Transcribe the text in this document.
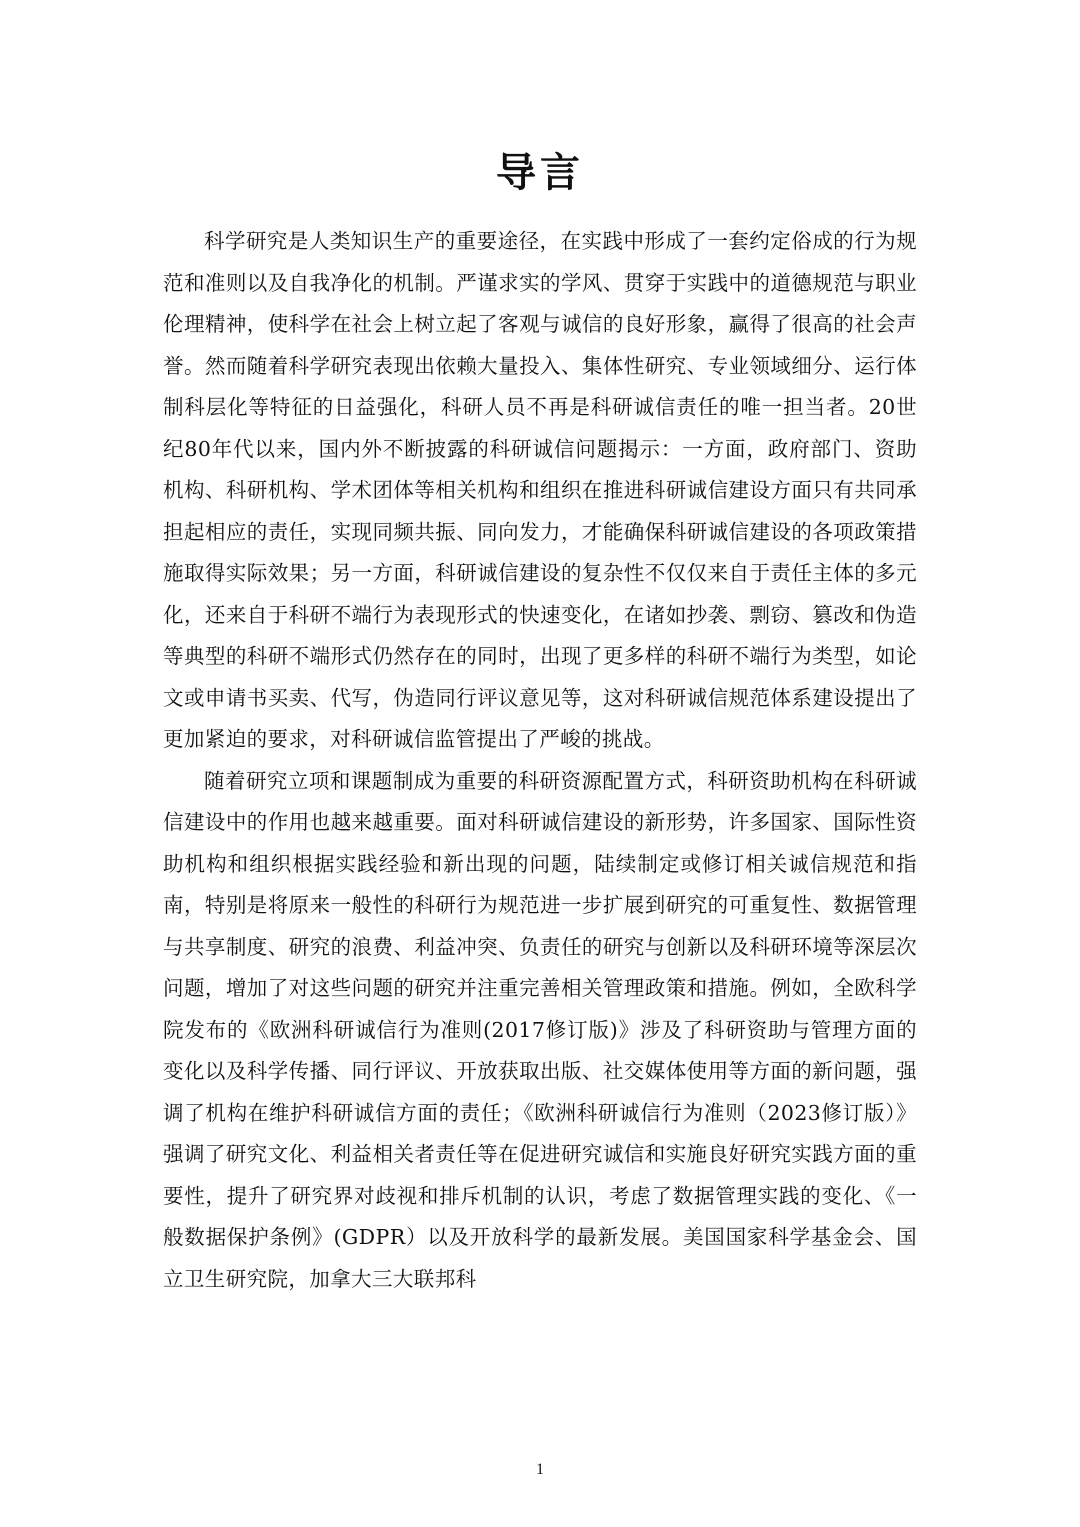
导言

科学研究是人类知识生产的重要途径，在实践中形成了一套约定俗成的行为规范和准则以及自我净化的机制。严谨求实的学风、贯穿于实践中的道德规范与职业伦理精神，使科学在社会上树立起了客观与诚信的良好形象，赢得了很高的社会声誉。然而随着科学研究表现出依赖大量投入、集体性研究、专业领域细分、运行体制科层化等特征的日益强化，科研人员不再是科研诚信责任的唯一担当者。20世纪80年代以来，国内外不断披露的科研诚信问题揭示：一方面，政府部门、资助机构、科研机构、学术团体等相关机构和组织在推进科研诚信建设方面只有共同承担起相应的责任，实现同频共振、同向发力，才能确保科研诚信建设的各项政策措施取得实际效果；另一方面，科研诚信建设的复杂性不仅仅来自于责任主体的多元化，还来自于科研不端行为表现形式的快速变化，在诸如抄袭、剽窃、篡改和伪造等典型的科研不端形式仍然存在的同时，出现了更多样的科研不端行为类型，如论文或申请书买卖、代写，伪造同行评议意见等，这对科研诚信规范体系建设提出了更加紧迫的要求，对科研诚信监管提出了严峻的挑战。

随着研究立项和课题制成为重要的科研资源配置方式，科研资助机构在科研诚信建设中的作用也越来越重要。面对科研诚信建设的新形势，许多国家、国际性资助机构和组织根据实践经验和新出现的问题，陆续制定或修订相关诚信规范和指南，特别是将原来一般性的科研行为规范进一步扩展到研究的可重复性、数据管理与共享制度、研究的浪费、利益冲突、负责任的研究与创新以及科研环境等深层次问题，增加了对这些问题的研究并注重完善相关管理政策和措施。例如，全欧科学院发布的《欧洲科研诚信行为准则(2017修订版)》涉及了科研资助与管理方面的变化以及科学传播、同行评议、开放获取出版、社交媒体使用等方面的新问题，强调了机构在维护科研诚信方面的责任；《欧洲科研诚信行为准则（2023修订版）》强调了研究文化、利益相关者责任等在促进研究诚信和实施良好研究实践方面的重要性，提升了研究界对歧视和排斥机制的认识，考虑了数据管理实践的变化、《一般数据保护条例》(GDPR）以及开放科学的最新发展。美国国家科学基金会、国立卫生研究院，加拿大三大联邦科

1
